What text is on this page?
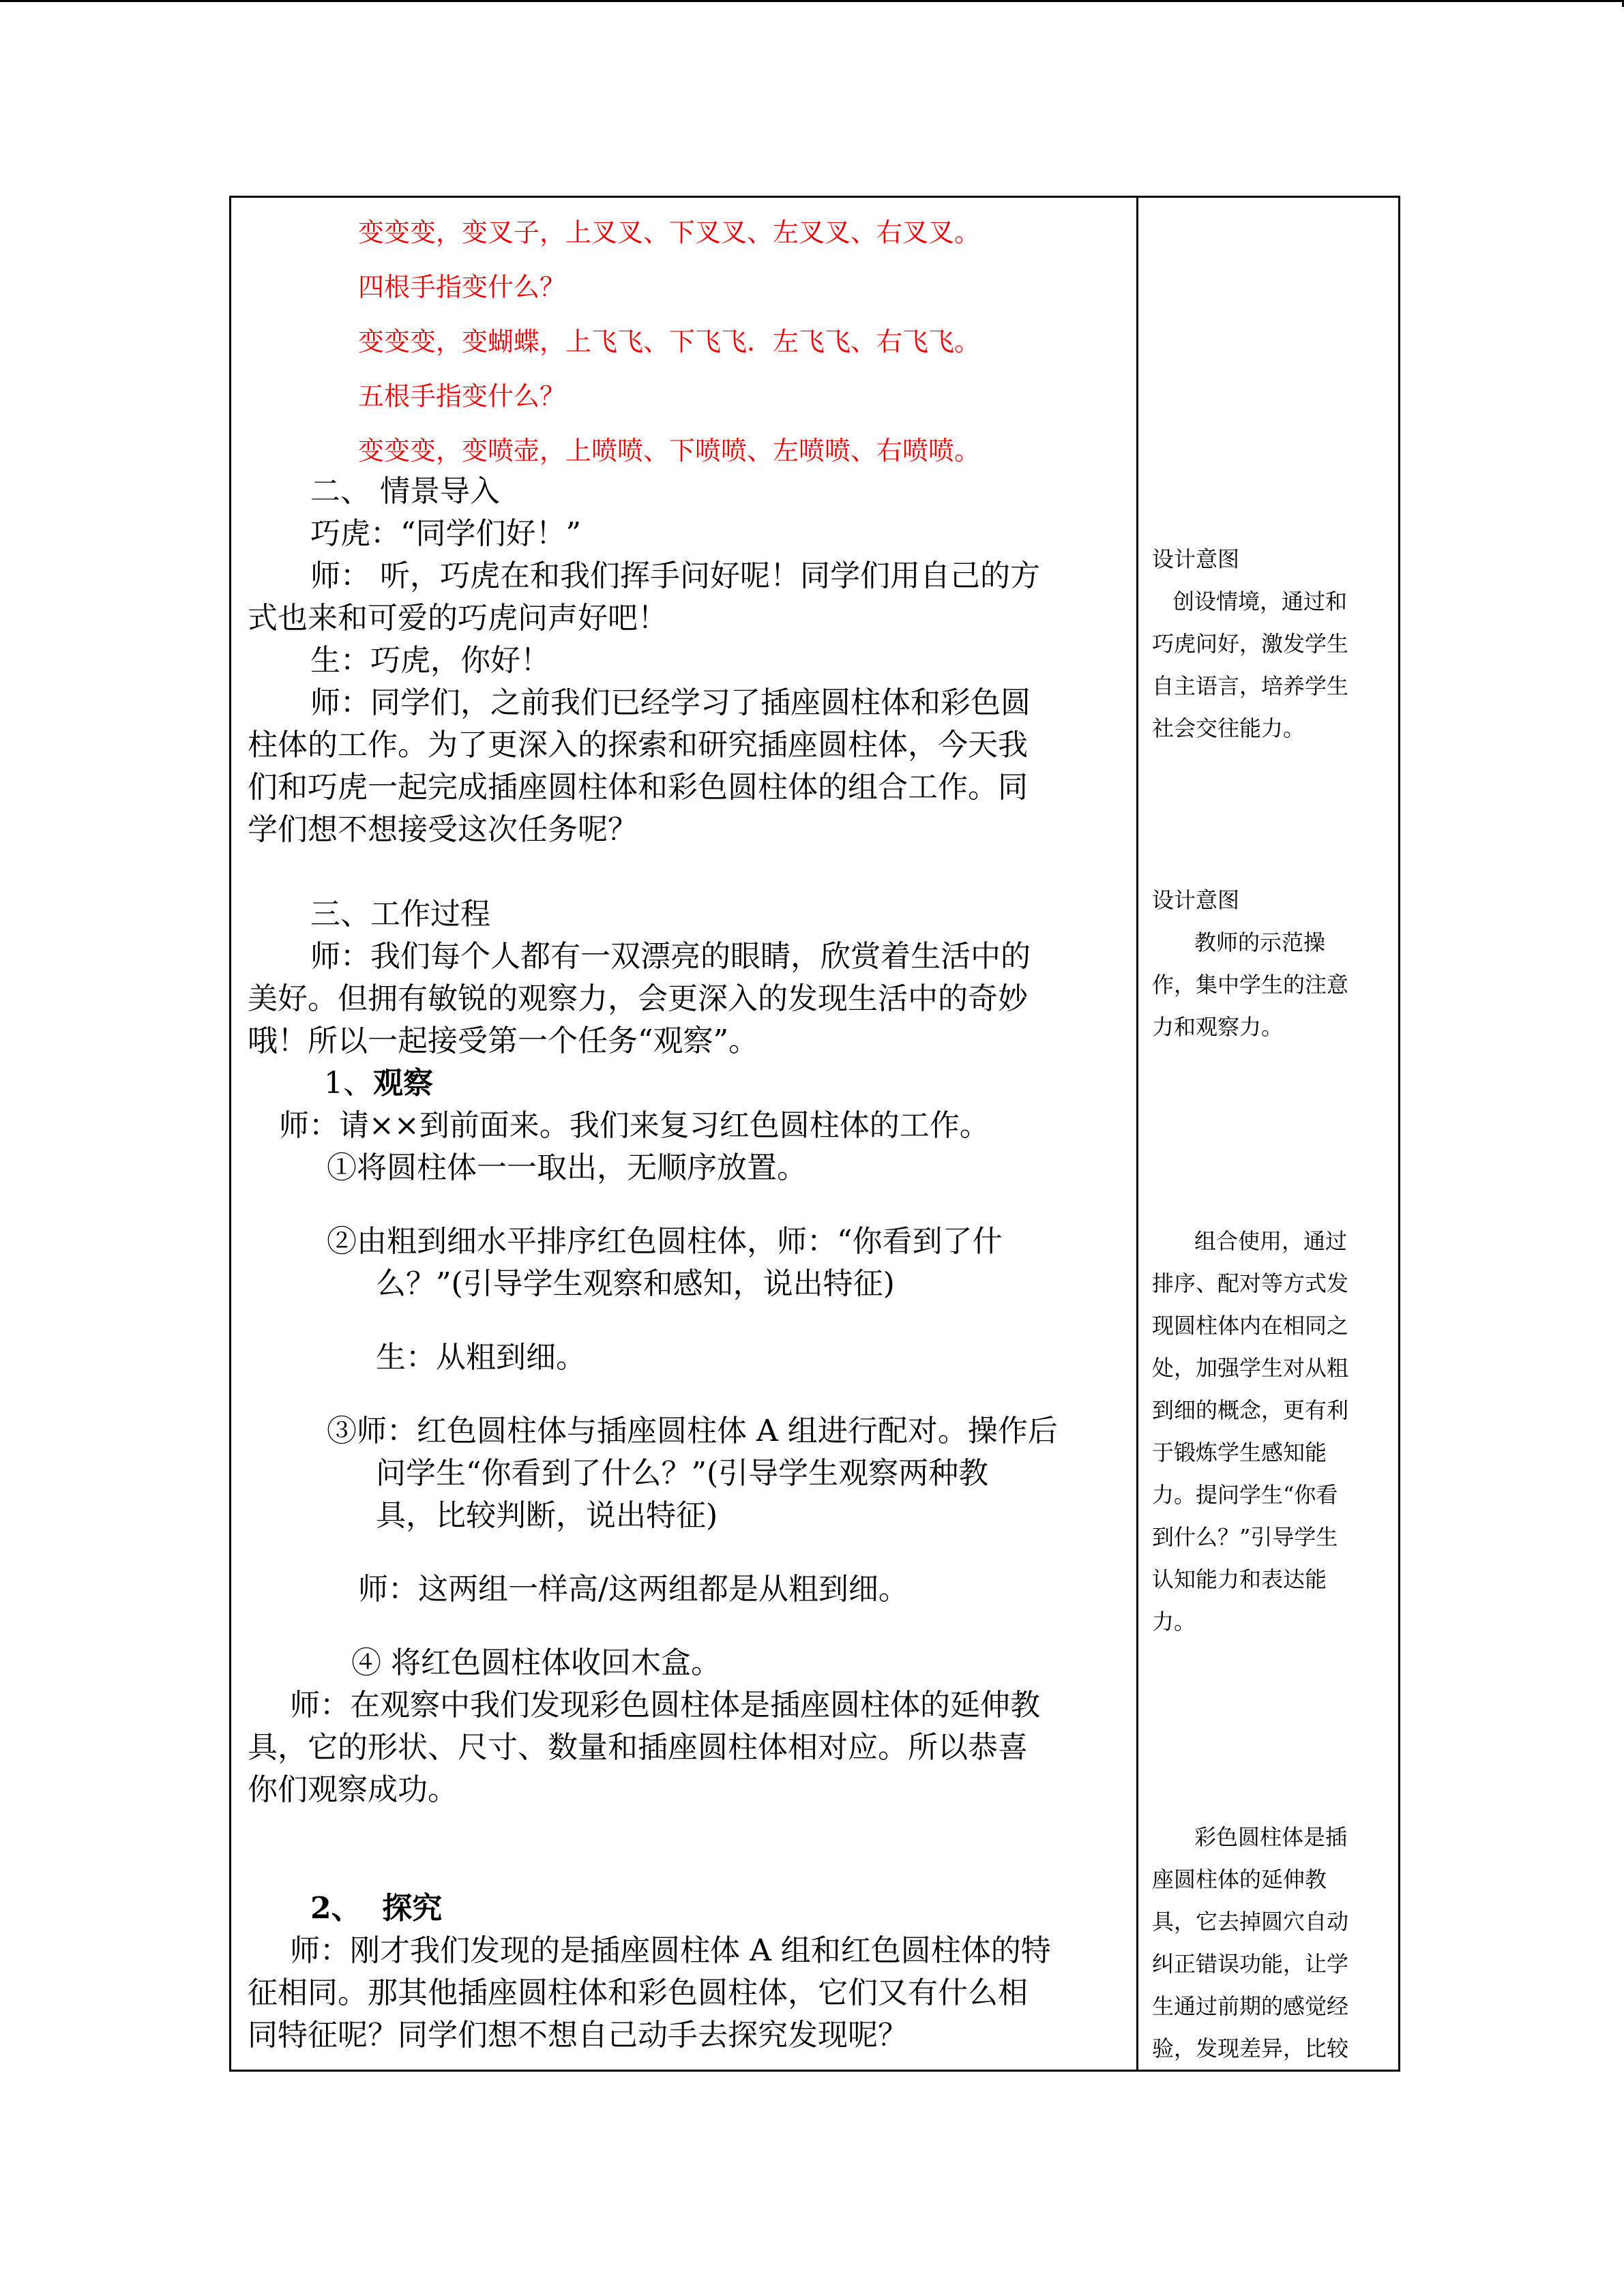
变变变，变叉子，上叉叉、下叉叉、左叉叉、右叉叉。
四根手指变什么？
变变变，变蝴蝶，上飞飞、下飞飞．左飞飞、右飞飞。
五根手指变什么？
变变变，变喷壶，上喷喷、下喷喷、左喷喷、右喷喷。
二、 情景导入
巧虎：“同学们好！”
师： 听，巧虎在和我们挥手问好呢！同学们用自己的方
式也来和可爱的巧虎问声好吧！
生：巧虎，你好！
师：同学们，之前我们已经学习了插座圆柱体和彩色圆
柱体的工作。为了更深入的探索和研究插座圆柱体，今天我
们和巧虎一起完成插座圆柱体和彩色圆柱体的组合工作。同
学们想不想接受这次任务呢？
三、工作过程
师：我们每个人都有一双漂亮的眼睛，欣赏着生活中的
美好。但拥有敏锐的观察力，会更深入的发现生活中的奇妙
哦！所以一起接受第一个任务“观察”。
1、观察
师：请××到前面来。我们来复习红色圆柱体的工作。
①将圆柱体一一取出，无顺序放置。
②由粗到细水平排序红色圆柱体，师：“你看到了什
么？”(引导学生观察和感知，说出特征)
生：从粗到细。
③师：红色圆柱体与插座圆柱体 A 组进行配对。操作后
问学生“你看到了什么？”(引导学生观察两种教
具，比较判断，说出特征)
师：这两组一样高/这两组都是从粗到细。
④ 将红色圆柱体收回木盒。
师：在观察中我们发现彩色圆柱体是插座圆柱体的延伸教
具，它的形状、尺寸、数量和插座圆柱体相对应。所以恭喜
你们观察成功。
2、 探究
师：刚才我们发现的是插座圆柱体 A 组和红色圆柱体的特
征相同。那其他插座圆柱体和彩色圆柱体，它们又有什么相
同特征呢？同学们想不想自己动手去探究发现呢？

设计意图
创设情境，通过和
巧虎问好，激发学生
自主语言，培养学生
社会交往能力。
设计意图
教师的示范操
作，集中学生的注意
力和观察力。
组合使用，通过
排序、配对等方式发
现圆柱体内在相同之
处，加强学生对从粗
到细的概念，更有利
于锻炼学生感知能
力。提问学生“你看
到什么？”引导学生
认知能力和表达能
力。
彩色圆柱体是插
座圆柱体的延伸教
具，它去掉圆穴自动
纠正错误功能，让学
生通过前期的感觉经
验，发现差异，比较
